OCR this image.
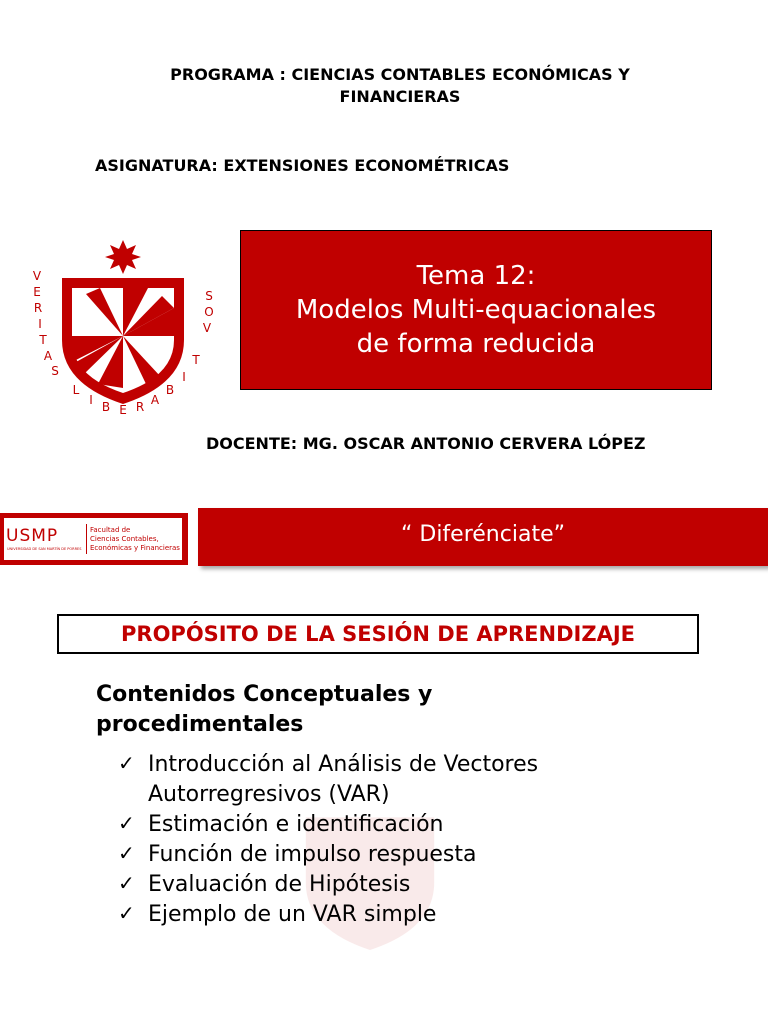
PROGRAMA : CIENCIAS CONTABLES ECONÓMICAS Y
FINANCIERAS
ASIGNATURA: EXTENSIONES ECONOMÉTRICAS
V
E
R
I
T
A
S
L
I B E R A
B
I
T
V
O
S
Tema 12:
Modelos Multi-equacionales
de forma reducida
DOCENTE: MG. OSCAR ANTONIO CERVERA LÓPEZ
USMP
UNIVERSIDAD DE SAN MARTÍN DE PORRES
Facultad de
Ciencias Contables,
Económicas y Financieras
“ Diferénciate”
PROPÓSITO DE LA SESIÓN DE APRENDIZAJE
Contenidos Conceptuales y procedimentales
✓ Introducción al Análisis de Vectores Autorregresivos (VAR)
✓ Estimación e identificación
✓ Función de impulso respuesta
✓ Evaluación de Hipótesis
✓ Ejemplo de un VAR simple
